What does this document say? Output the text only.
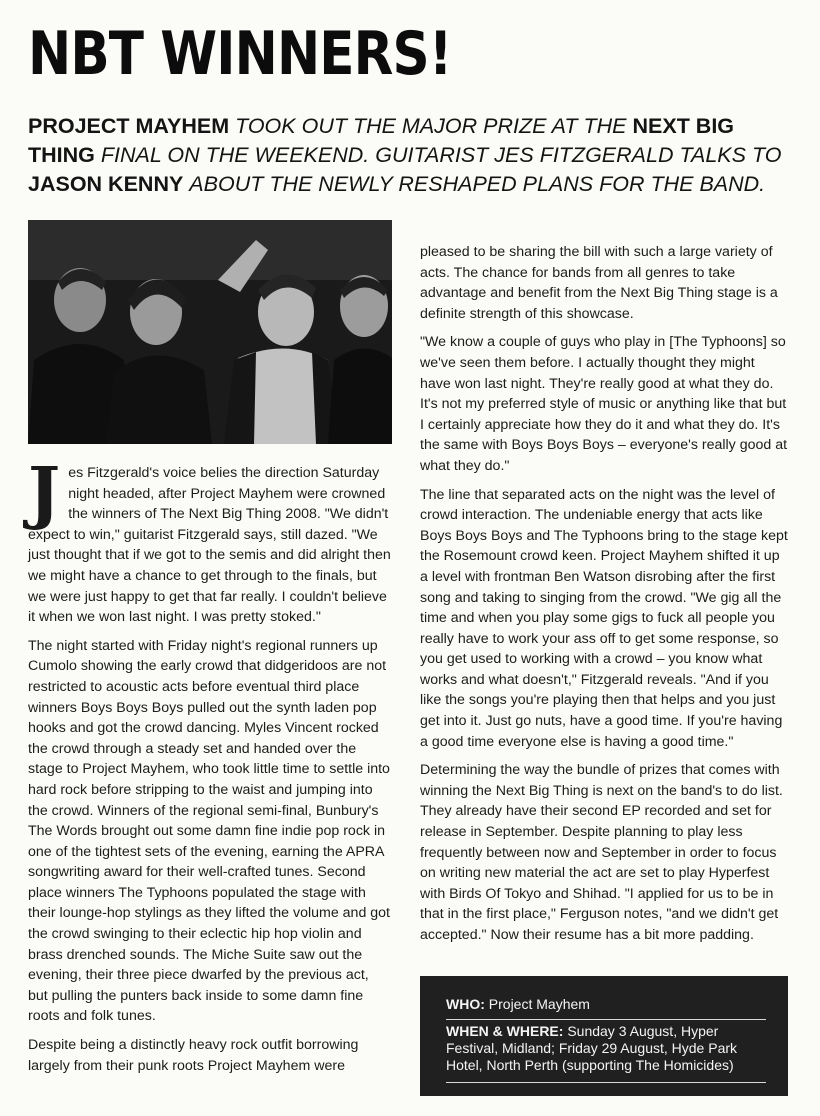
NBT WINNERS!

PROJECT MAYHEM TOOK OUT THE MAJOR PRIZE AT THE NEXT BIG THING FINAL ON THE WEEKEND. GUITARIST JES FITZGERALD TALKS TO JASON KENNY ABOUT THE NEWLY RESHAPED PLANS FOR THE BAND.

Jes Fitzgerald's voice belies the direction Saturday night headed, after Project Mayhem were crowned the winners of The Next Big Thing 2008. "We didn't expect to win," guitarist Fitzgerald says, still dazed. "We just thought that if we got to the semis and did alright then we might have a chance to get through to the finals, but we were just happy to get that far really. I couldn't believe it when we won last night. I was pretty stoked."

The night started with Friday night's regional runners up Cumolo showing the early crowd that didgeridoos are not restricted to acoustic acts before eventual third place winners Boys Boys Boys pulled out the synth laden pop hooks and got the crowd dancing. Myles Vincent rocked the crowd through a steady set and handed over the stage to Project Mayhem, who took little time to settle into hard rock before stripping to the waist and jumping into the crowd. Winners of the regional semi-final, Bunbury's The Words brought out some damn fine indie pop rock in one of the tightest sets of the evening, earning the APRA songwriting award for their well-crafted tunes. Second place winners The Typhoons populated the stage with their lounge-hop stylings as they lifted the volume and got the crowd swinging to their eclectic hip hop violin and brass drenched sounds. The Miche Suite saw out the evening, their three piece dwarfed by the previous act, but pulling the punters back inside to some damn fine roots and folk tunes.

Despite being a distinctly heavy rock outfit borrowing largely from their punk roots Project Mayhem were

pleased to be sharing the bill with such a large variety of acts. The chance for bands from all genres to take advantage and benefit from the Next Big Thing stage is a definite strength of this showcase.

"We know a couple of guys who play in [The Typhoons] so we've seen them before. I actually thought they might have won last night. They're really good at what they do. It's not my preferred style of music or anything like that but I certainly appreciate how they do it and what they do. It's the same with Boys Boys Boys – everyone's really good at what they do."

The line that separated acts on the night was the level of crowd interaction. The undeniable energy that acts like Boys Boys Boys and The Typhoons bring to the stage kept the Rosemount crowd keen. Project Mayhem shifted it up a level with frontman Ben Watson disrobing after the first song and taking to singing from the crowd. "We gig all the time and when you play some gigs to fuck all people you really have to work your ass off to get some response, so you get used to working with a crowd – you know what works and what doesn't," Fitzgerald reveals. "And if you like the songs you're playing then that helps and you just get into it. Just go nuts, have a good time. If you're having a good time everyone else is having a good time."

Determining the way the bundle of prizes that comes with winning the Next Big Thing is next on the band's to do list. They already have their second EP recorded and set for release in September. Despite planning to play less frequently between now and September in order to focus on writing new material the act are set to play Hyperfest with Birds Of Tokyo and Shihad. "I applied for us to be in that in the first place," Ferguson notes, "and we didn't get accepted." Now their resume has a bit more padding.

WHO: Project Mayhem
WHEN & WHERE: Sunday 3 August, Hyper Festival, Midland; Friday 29 August, Hyde Park Hotel, North Perth (supporting The Homicides)
